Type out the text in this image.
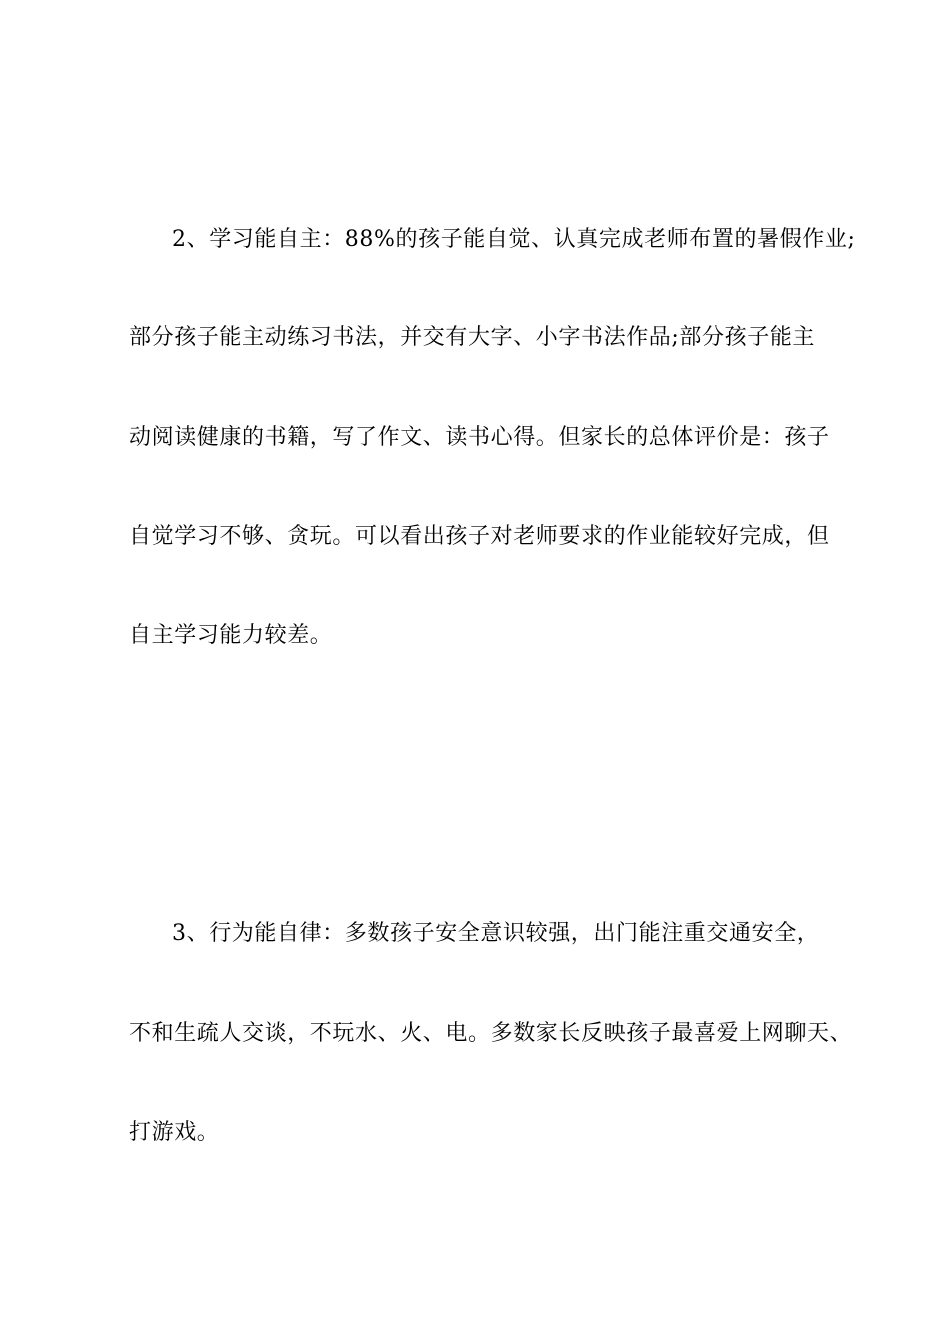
2、学习能自主：88%的孩子能自觉、认真完成老师布置的暑假作业;
部分孩子能主动练习书法，并交有大字、小字书法作品;部分孩子能主
动阅读健康的书籍，写了作文、读书心得。但家长的总体评价是：孩子
自觉学习不够、贪玩。可以看出孩子对老师要求的作业能较好完成，但
自主学习能力较差。
3、行为能自律：多数孩子安全意识较强，出门能注重交通安全，
不和生疏人交谈，不玩水、火、电。多数家长反映孩子最喜爱上网聊天、
打游戏。
